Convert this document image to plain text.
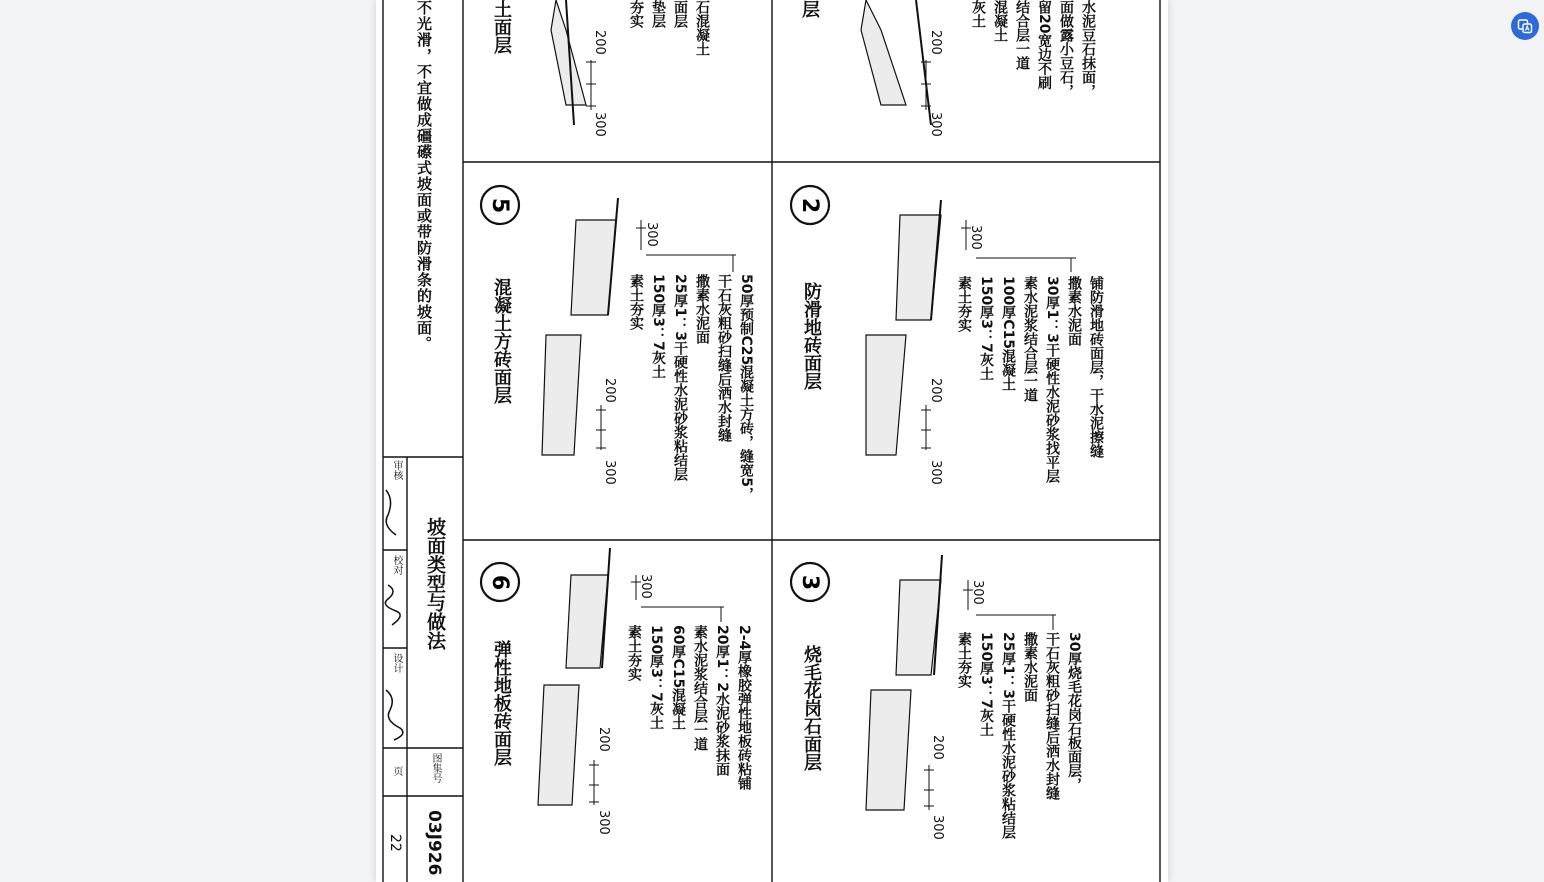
2
5
3
6
不光滑，不宜做成礓礤式坡面或带防滑条的坡面。	层
土面层
防滑地砖面层
混凝土方砖面层
烧毛花岗石面层
弹性地板砖面层
水泥豆石抹面，
面做露小豆石，
留20宽边不刷
结合层一道
混凝土
灰土
石混凝土
面层
垫层
夯实
铺防滑地砖面层，干水泥擦缝
撒素水泥面
30厚1：3干硬性水泥砂浆找平层
素水泥浆结合层一道
100厚C15混凝土
150厚3：7灰土
素土夯实
50厚预制C25混凝土方砖，缝宽5，
干石灰粗砂扫缝后洒水封缝
撒素水泥面
25厚1：3干硬性水泥砂浆粘结层
150厚3：7灰土
素土夯实
30厚烧毛花岗石板面层，
干石灰粗砂扫缝后洒水封缝
撒素水泥面
25厚1：3干硬性水泥砂浆粘结层
150厚3：7灰土
素土夯实
2-4厚橡胶弹性地板砖粘铺
20厚1：2水泥砂浆抹面
素水泥浆结合层一道
60厚C15混凝土
150厚3：7灰土
素土夯实
200
300
200
300
300
200
300
300
200
300
300
200
300
300
200
300
坡面类型与做法
审核
校对
设计
图集号
03J926
页
22
